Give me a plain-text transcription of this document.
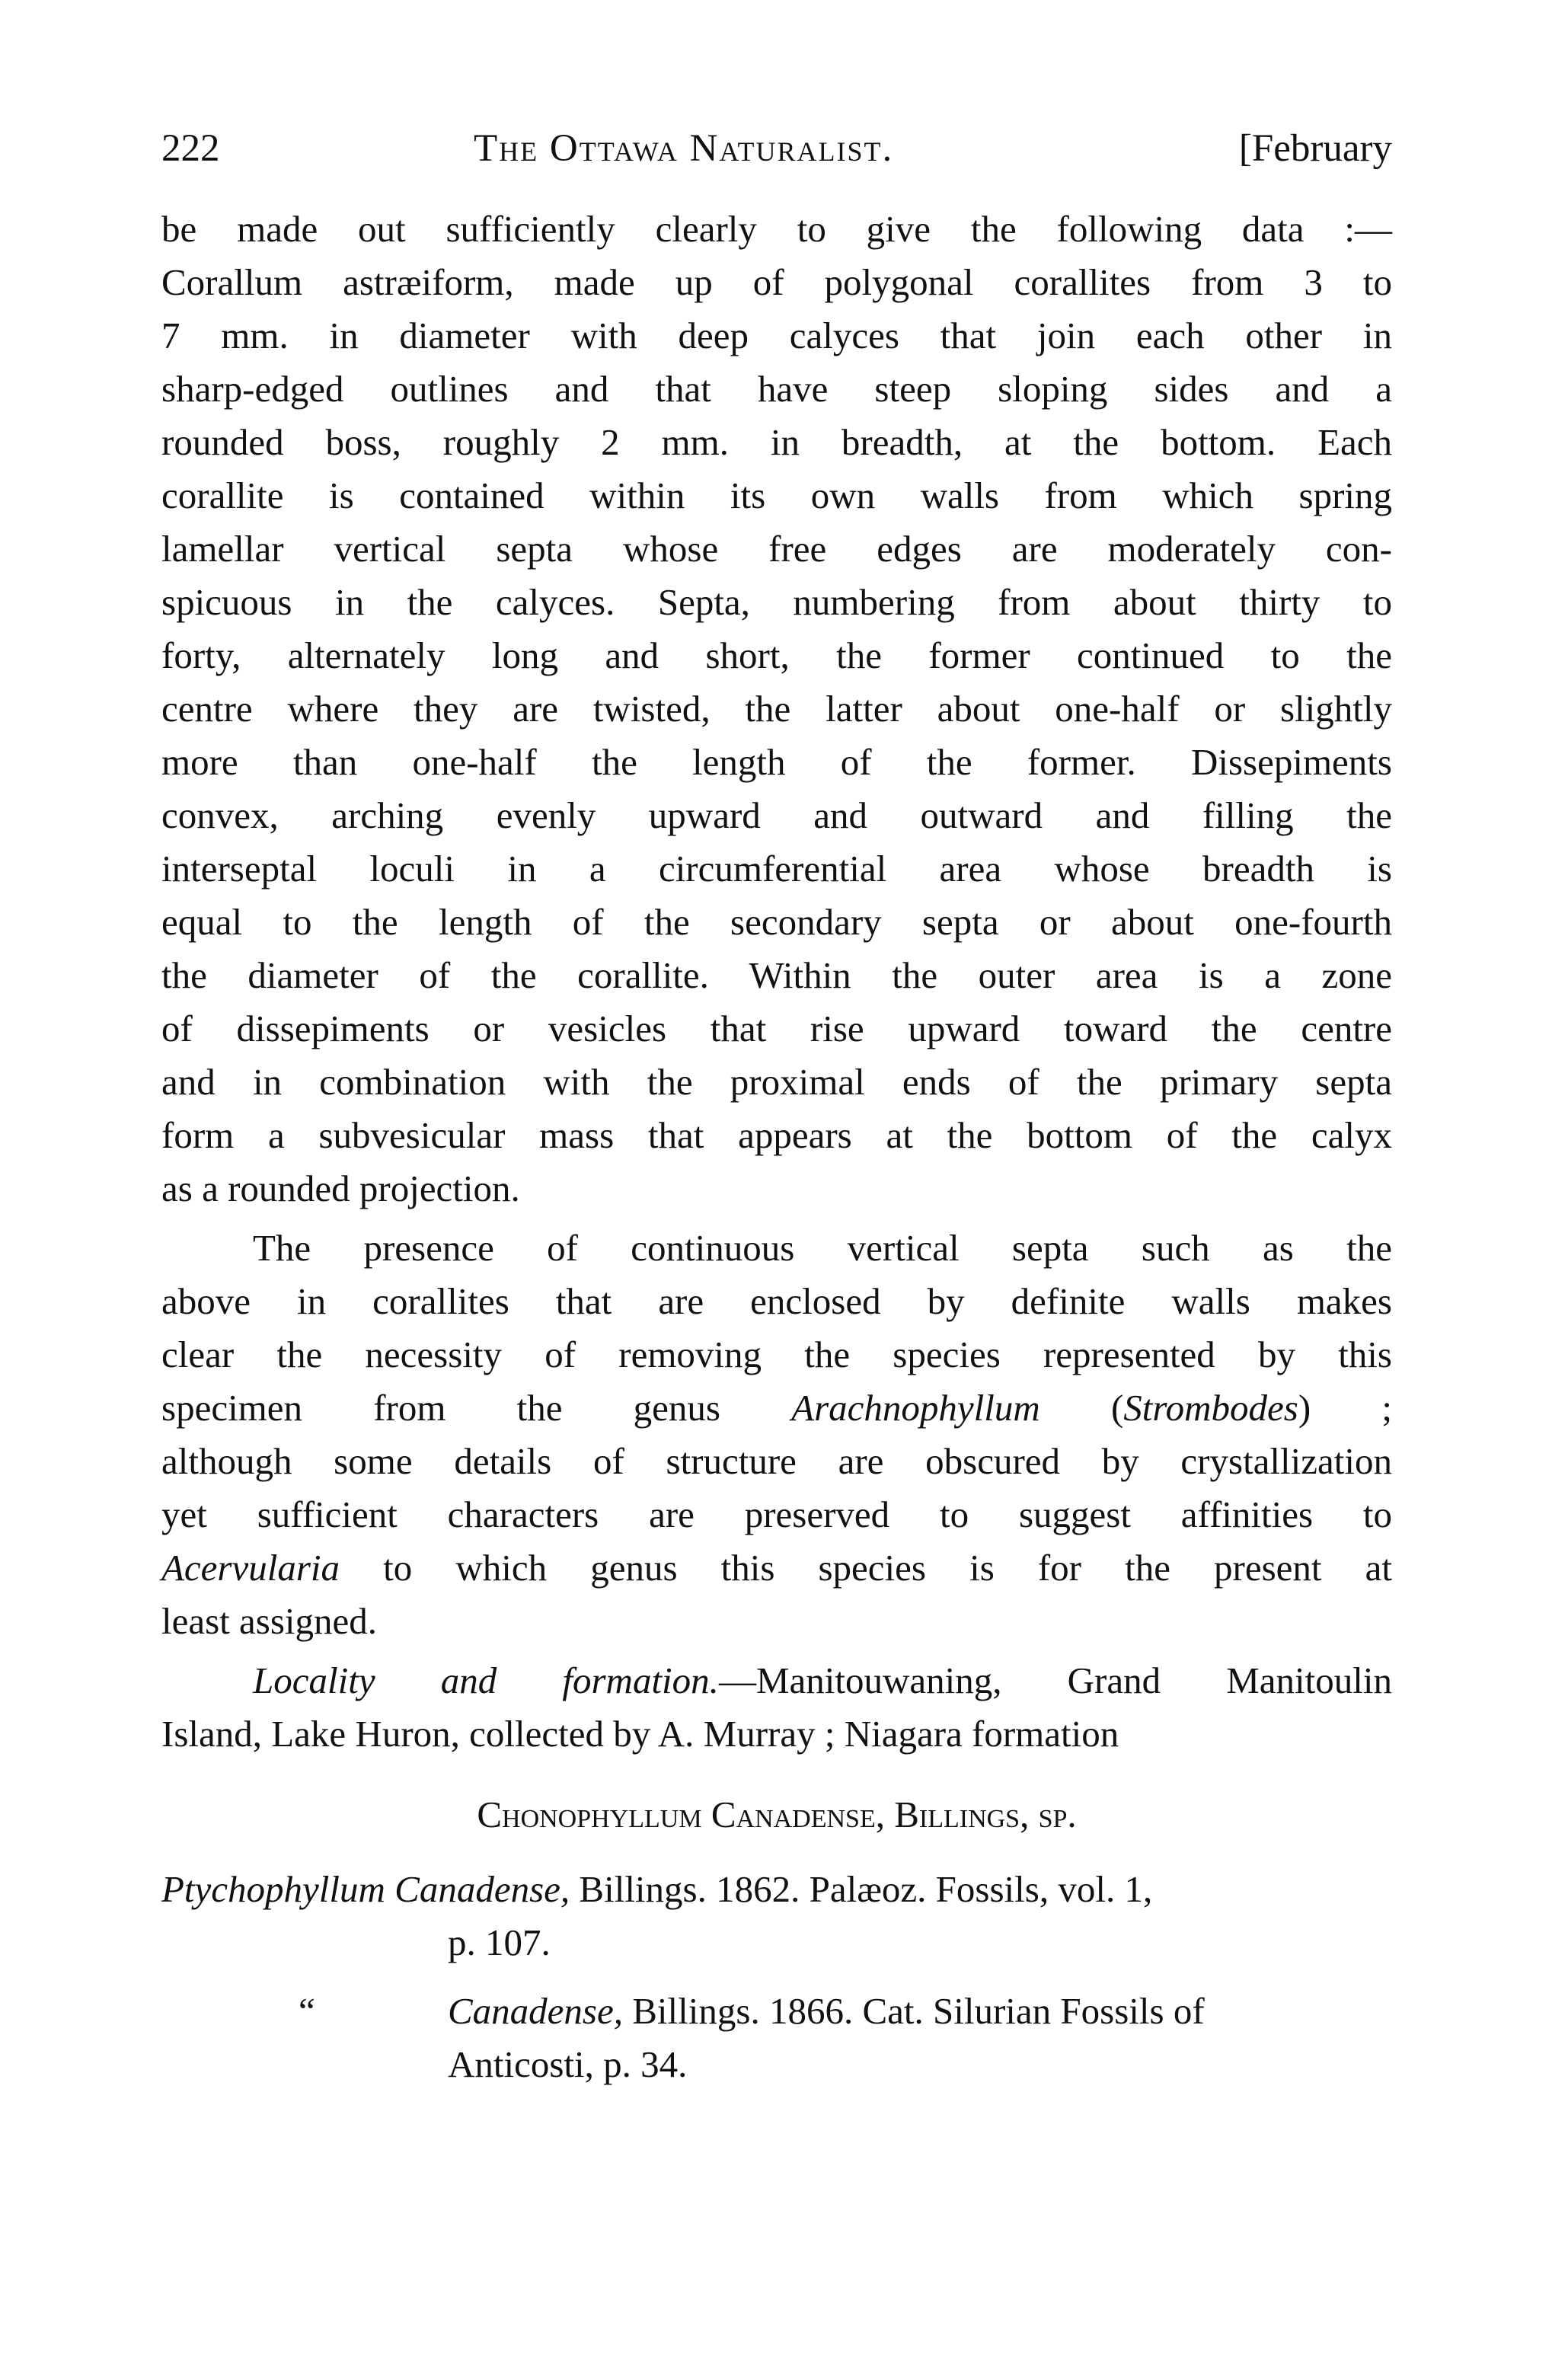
222	The Ottawa Naturalist.	[February

be made out sufficiently clearly to give the following data :—
Corallum astræiform, made up of polygonal corallites from 3 to
7 mm. in diameter with deep calyces that join each other in
sharp-edged outlines and that have steep sloping sides and a
rounded boss, roughly 2 mm. in breadth, at the bottom. Each
corallite is contained within its own walls from which spring
lamellar vertical septa whose free edges are moderately con-
spicuous in the calyces. Septa, numbering from about thirty to
forty, alternately long and short, the former continued to the
centre where they are twisted, the latter about one-half or slightly
more than one-half the length of the former. Dissepiments
convex, arching evenly upward and outward and filling the
interseptal loculi in a circumferential area whose breadth is
equal to the length of the secondary septa or about one-fourth
the diameter of the corallite. Within the outer area is a zone
of dissepiments or vesicles that rise upward toward the centre
and in combination with the proximal ends of the primary septa
form a subvesicular mass that appears at the bottom of the calyx
as a rounded projection.

The presence of continuous vertical septa such as the
above in corallites that are enclosed by definite walls makes
clear the necessity of removing the species represented by this
specimen from the genus Arachnophyllum (Strombodes) ;
although some details of structure are obscured by crystallization
yet sufficient characters are preserved to suggest affinities to
Acervularia to which genus this species is for the present at
least assigned.

Locality and formation.—Manitouwaning, Grand Manitoulin
Island, Lake Huron, collected by A. Murray ; Niagara formation

Chonophyllum Canadense, Billings, sp.
Ptychophyllum Canadense, Billings. 1862. Palæoz. Fossils, vol. 1,
p. 107.
“	Canadense, Billings. 1866. Cat. Silurian Fossils of
Anticosti, p. 34.
